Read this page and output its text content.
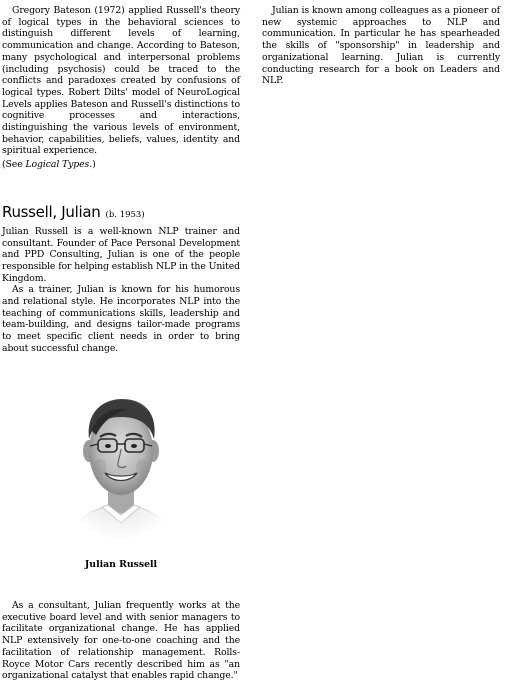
Gregory Bateson (1972) applied Russell's theory of logical types in the behavioral sciences to distinguish different levels of learning, communication and change. According to Bateson, many psychological and interpersonal problems (including psychosis) could be traced to the conflicts and paradoxes created by confusions of logical types. Robert Dilts' model of NeuroLogical Levels applies Bateson and Russell's distinctions to cognitive processes and interactions, distinguishing the various levels of environment, behavior, capabilities, beliefs, values, identity and spiritual experience.

(See Logical Types.)

Russell, Julian (b. 1953)

Julian Russell is a well-known NLP trainer and consultant. Founder of Pace Personal Development and PPD Consulting, Julian is one of the people responsible for helping establish NLP in the United Kingdom.

As a trainer, Julian is known for his humorous and relational style. He incorporates NLP into the teaching of communications skills, leadership and team-building, and designs tailor-made programs to meet specific client needs in order to bring about successful change.

Julian Russell

As a consultant, Julian frequently works at the executive board level and with senior managers to facilitate organizational change. He has applied NLP extensively for one-to-one coaching and the facilitation of relationship management. Rolls-Royce Motor Cars recently described him as "an organizational catalyst that enables rapid change."

Julian is known among colleagues as a pioneer of new systemic approaches to NLP and communication. In particular he has spearheaded the skills of "sponsorship" in leadership and organizational learning. Julian is currently conducting research for a book on Leaders and NLP.
